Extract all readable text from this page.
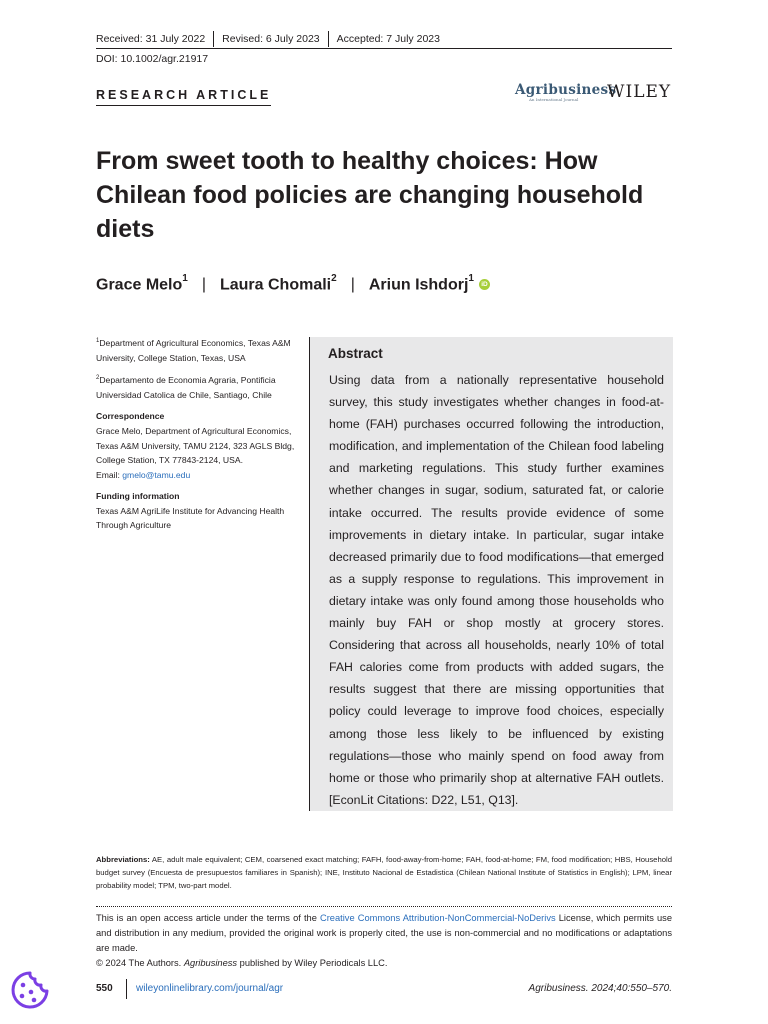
Received: 31 July 2022	Revised: 6 July 2023	Accepted: 7 July 2023
DOI: 10.1002/agr.21917
RESEARCH ARTICLE	Agribusiness
An International Journal WILEY
From sweet tooth to healthy choices: How Chilean food policies are changing household diets
Grace Melo$^1$ | Laura Chomali$^2$ | Ariun Ishdorj$^1$
iD

$^1$Department of Agricultural Economics, Texas A&M University, College Station, Texas, USA

$^2$Departamento de Economia Agraria, Pontificia Universidad Catolica de Chile, Santiago, Chile

Correspondence

Grace Melo, Department of Agricultural Economics, Texas A&M University, TAMU 2124, 323 AGLS Bldg, College Station, TX 77843-2124, USA.
Email: gmelo@tamu.edu

Funding information

Texas A&M AgriLife Institute for Advancing Health Through Agriculture

Abstract

Using data from a nationally representative household survey, this study investigates whether changes in food-at-home (FAH) purchases occurred following the introduction, modification, and implementation of the Chilean food labeling and marketing regulations. This study further examines whether changes in sugar, sodium, saturated fat, or calorie intake occurred. The results provide evidence of some improvements in dietary intake. In particular, sugar intake decreased primarily due to food modifications—that emerged as a supply response to regulations. This improvement in dietary intake was only found among those households who mainly buy FAH or shop mostly at grocery stores. Considering that across all households, nearly 10% of total FAH calories come from products with added sugars, the results suggest that there are missing opportunities that policy could leverage to improve food choices, especially among those less likely to be influenced by existing regulations—those who mainly spend on food away from home or those who primarily shop at alternative FAH outlets. [EconLit Citations: D22, L51, Q13].

Abbreviations: AE, adult male equivalent; CEM, coarsened exact matching; FAFH, food-away-from-home; FAH, food-at-home; FM, food modification; HBS, Household budget survey (Encuesta de presupuestos familiares in Spanish); INE, Instituto Nacional de Estadistica (Chilean National Institute of Statistics in English); LPM, linear probability model; TPM, two-part model.
This is an open access article under the terms of the Creative Commons Attribution-NonCommercial-NoDerivs License, which permits use and distribution in any medium, provided the original work is properly cited, the use is non-commercial and no modifications or adaptations are made.
© 2024 The Authors. Agribusiness published by Wiley Periodicals LLC.
550 wileyonlinelibrary.com/journal/agr	Agribusiness. 2024;40:550–570.
